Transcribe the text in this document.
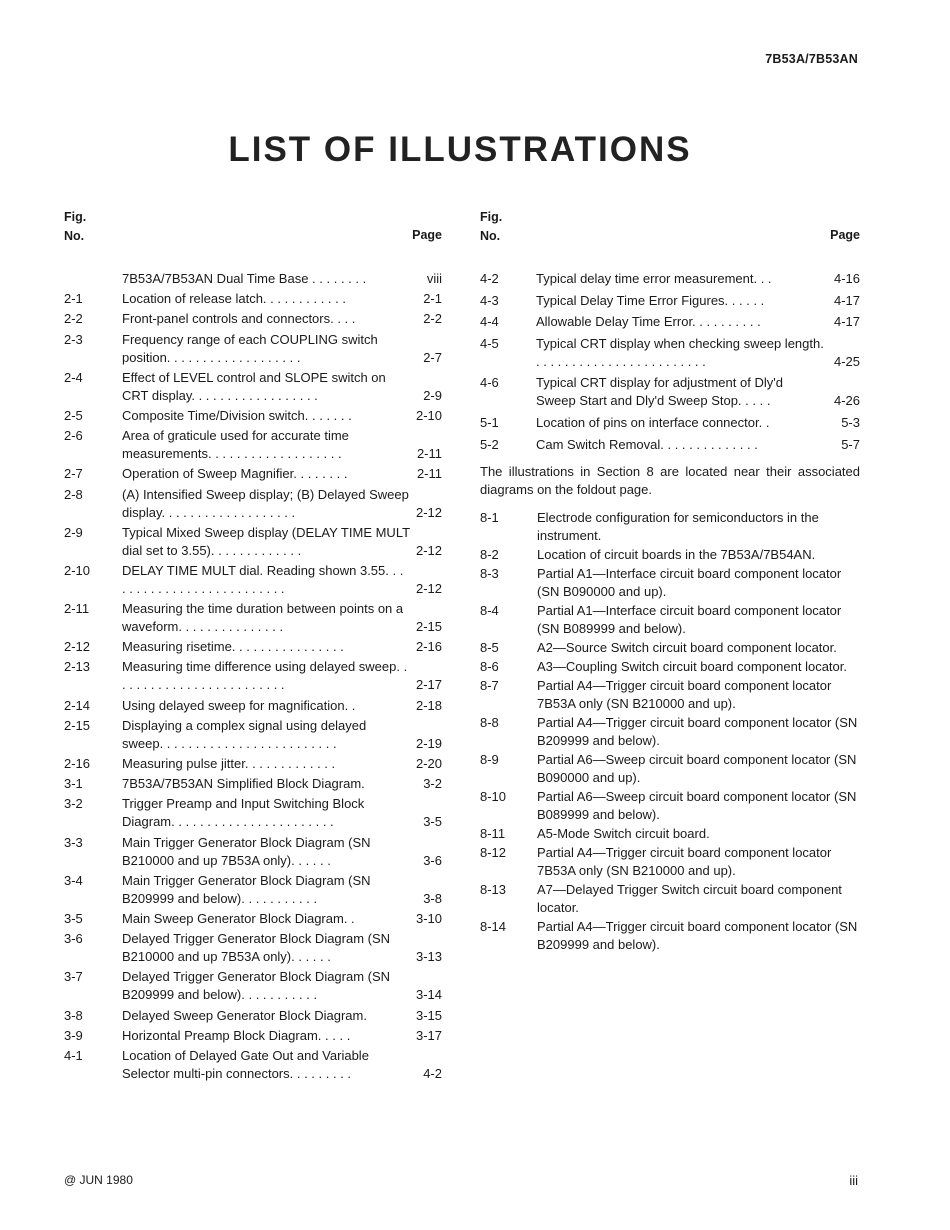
7B53A/7B53AN
LIST OF ILLUSTRATIONS
Fig.
No.	Page
7B53A/7B53AN Dual Time Base . . . . . . . .	viii
2-1	Location of release latch. . . . . . . . . . . .	2-1
2-2	Front-panel controls and connectors. . . .	2-2
2-3	Frequency range of each COUPLING switch position. . . . . . . . . . . . . . . . . . .	2-7
2-4	Effect of LEVEL control and SLOPE switch on CRT display. . . . . . . . . . . . . . . . . .	2-9
2-5	Composite Time/Division switch. . . . . . .	2-10
2-6	Area of graticule used for accurate time measurements. . . . . . . . . . . . . . . . . . .	2-11
2-7	Operation of Sweep Magnifier. . . . . . . .	2-11
2-8	(A) Intensified Sweep display; (B) Delayed Sweep display. . . . . . . . . . . . . . . . . . .	2-12
2-9	Typical Mixed Sweep display (DELAY TIME MULT dial set to 3.55). . . . . . . . . . . . .	2-12
2-10	DELAY TIME MULT dial. Reading shown 3.55. . . . . . . . . . . . . . . . . . . . . . . . . .	2-12
2-11	Measuring the time duration between points on a waveform. . . . . . . . . . . . . . .	2-15
2-12	Measuring risetime. . . . . . . . . . . . . . . .	2-16
2-13	Measuring time difference using delayed sweep. . . . . . . . . . . . . . . . . . . . . . . . .	2-17
2-14	Using delayed sweep for magnification. .	2-18
2-15	Displaying a complex signal using delayed sweep. . . . . . . . . . . . . . . . . . . . . . . . .	2-19
2-16	Measuring pulse jitter. . . . . . . . . . . . .	2-20
3-1	7B53A/7B53AN Simplified Block Diagram.	3-2
3-2	Trigger Preamp and Input Switching Block Diagram. . . . . . . . . . . . . . . . . . . . . . .	3-5
3-3	Main Trigger Generator Block Diagram (SN B210000 and up 7B53A only). . . . . .	3-6
3-4	Main Trigger Generator Block Diagram (SN B209999 and below). . . . . . . . . . .	3-8
3-5	Main Sweep Generator Block Diagram. .	3-10
3-6	Delayed Trigger Generator Block Diagram (SN B210000 and up 7B53A only). . . . . .	3-13
3-7	Delayed Trigger Generator Block Diagram (SN B209999 and below). . . . . . . . . . .	3-14
3-8	Delayed Sweep Generator Block Diagram.	3-15
3-9	Horizontal Preamp Block Diagram. . . . .	3-17
4-1	Location of Delayed Gate Out and Variable Selector multi-pin connectors. . . . . . . . .	4-2
Fig.
No.	Page
4-2	Typical delay time error measurement. . .	4-16
4-3	Typical Delay Time Error Figures. . . . . .	4-17
4-4	Allowable Delay Time Error. . . . . . . . . .	4-17
4-5	Typical CRT display when checking sweep length. . . . . . . . . . . . . . . . . . . . . . . . .	4-25
4-6	Typical CRT display for adjustment of Dly'd Sweep Start and Dly'd Sweep Stop. . . . .	4-26
5-1	Location of pins on interface connector. .	5-3
5-2	Cam Switch Removal. . . . . . . . . . . . . .	5-7
The illustrations in Section 8 are located near their associated diagrams on the foldout page.
8-1	Electrode configuration for semiconductors in the instrument.
8-2	Location of circuit boards in the 7B53A/7B54AN.
8-3	Partial A1—Interface circuit board component locator (SN B090000 and up).
8-4	Partial A1—Interface circuit board component locator (SN B089999 and below).
8-5	A2—Source Switch circuit board component locator.
8-6	A3—Coupling Switch circuit board component locator.
8-7	Partial A4—Trigger circuit board component locator 7B53A only (SN B210000 and up).
8-8	Partial A4—Trigger circuit board component locator (SN B209999 and below).
8-9	Partial A6—Sweep circuit board component locator (SN B090000 and up).
8-10	Partial A6—Sweep circuit board component locator (SN B089999 and below).
8-11	A5-Mode Switch circuit board.
8-12	Partial A4—Trigger circuit board component locator 7B53A only (SN B210000 and up).
8-13	A7—Delayed Trigger Switch circuit board component locator.
8-14	Partial A4—Trigger circuit board component locator (SN B209999 and below).
@ JUN 1980	iii
